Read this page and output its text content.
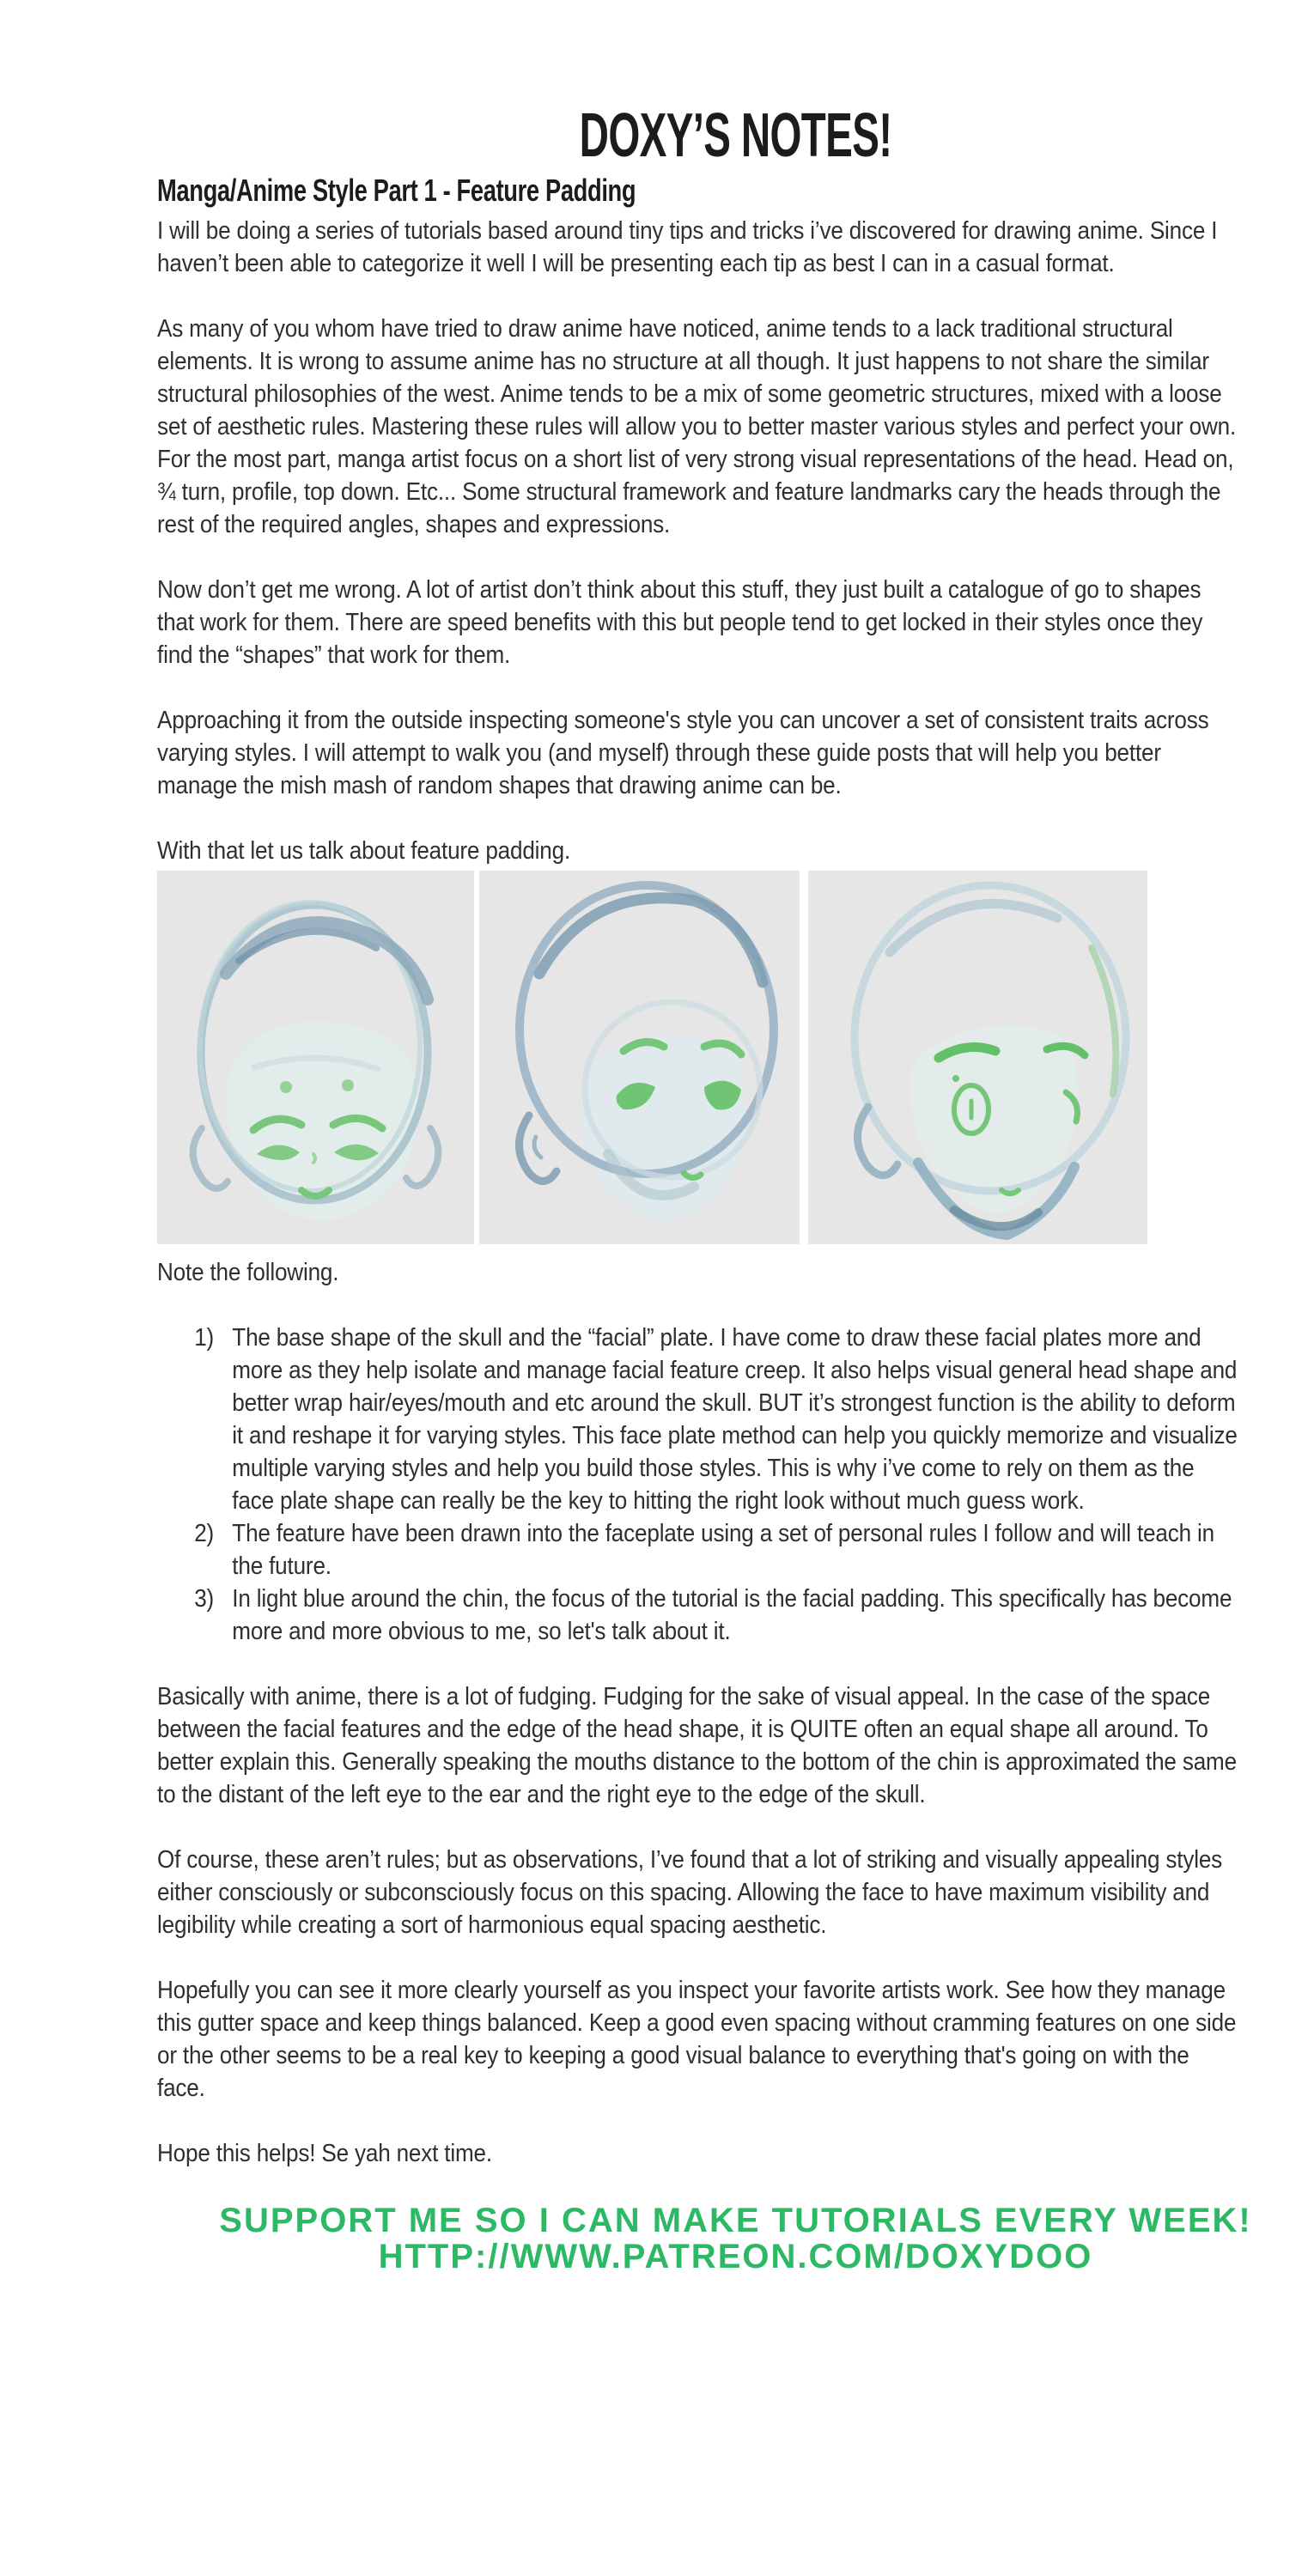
DOXY’S NOTES!
Manga/Anime Style Part 1 - Feature Padding

I will be doing a series of tutorials based around tiny tips and tricks i’ve discovered for drawing anime. Since I haven’t been able to categorize it well I will be presenting each tip as best I can in a casual format.

As many of you whom have tried to draw anime have noticed, anime tends to a lack traditional structural elements. It is wrong to assume anime has no structure at all though. It just happens to not share the similar structural philosophies of the west. Anime tends to be a mix of some geometric structures, mixed with a loose set of aesthetic rules. Mastering these rules will allow you to better master various styles and perfect your own. For the most part, manga artist focus on a short list of very strong visual representations of the head. Head on, ¾ turn, profile, top down. Etc... Some structural framework and feature landmarks cary the heads through the rest of the required angles, shapes and expressions.

Now don’t get me wrong. A lot of artist don’t think about this stuff, they just built a catalogue of go to shapes that work for them. There are speed benefits with this but people tend to get locked in their styles once they find the “shapes” that work for them.

Approaching it from the outside inspecting someone's style you can uncover a set of consistent traits across varying styles. I will attempt to walk you (and myself) through these guide posts that will help you better manage the mish mash of random shapes that drawing anime can be.

With that let us talk about feature padding.

Note the following.

1) The base shape of the skull and the “facial” plate. I have come to draw these facial plates more and more as they help isolate and manage facial feature creep. It also helps visual general head shape and better wrap hair/eyes/mouth and etc around the skull. BUT it’s strongest function is the ability to deform it and reshape it for varying styles. This face plate method can help you quickly memorize and visualize multiple varying styles and help you build those styles. This is why i’ve come to rely on them as the face plate shape can really be the key to hitting the right look without much guess work.
2) The feature have been drawn into the faceplate using a set of personal rules I follow and will teach in the future.
3) In light blue around the chin, the focus of the tutorial is the facial padding. This specifically has become more and more obvious to me, so let's talk about it.

Basically with anime, there is a lot of fudging. Fudging for the sake of visual appeal. In the case of the space between the facial features and the edge of the head shape, it is QUITE often an equal shape all around. To better explain this. Generally speaking the mouths distance to the bottom of the chin is approximated the same to the distant of the left eye to the ear and the right eye to the edge of the skull.

Of course, these aren’t rules; but as observations, I’ve found that a lot of striking and visually appealing styles either consciously or subconsciously focus on this spacing. Allowing the face to have maximum visibility and legibility while creating a sort of harmonious equal spacing aesthetic.

Hopefully you can see it more clearly yourself as you inspect your favorite artists work. See how they manage this gutter space and keep things balanced. Keep a good even spacing without cramming features on one side or the other seems to be a real key to keeping a good visual balance to everything that's going on with the face.

Hope this helps! Se yah next time.

SUPPORT ME SO I CAN MAKE TUTORIALS EVERY WEEK!
HTTP://WWW.PATREON.COM/DOXYDOO
